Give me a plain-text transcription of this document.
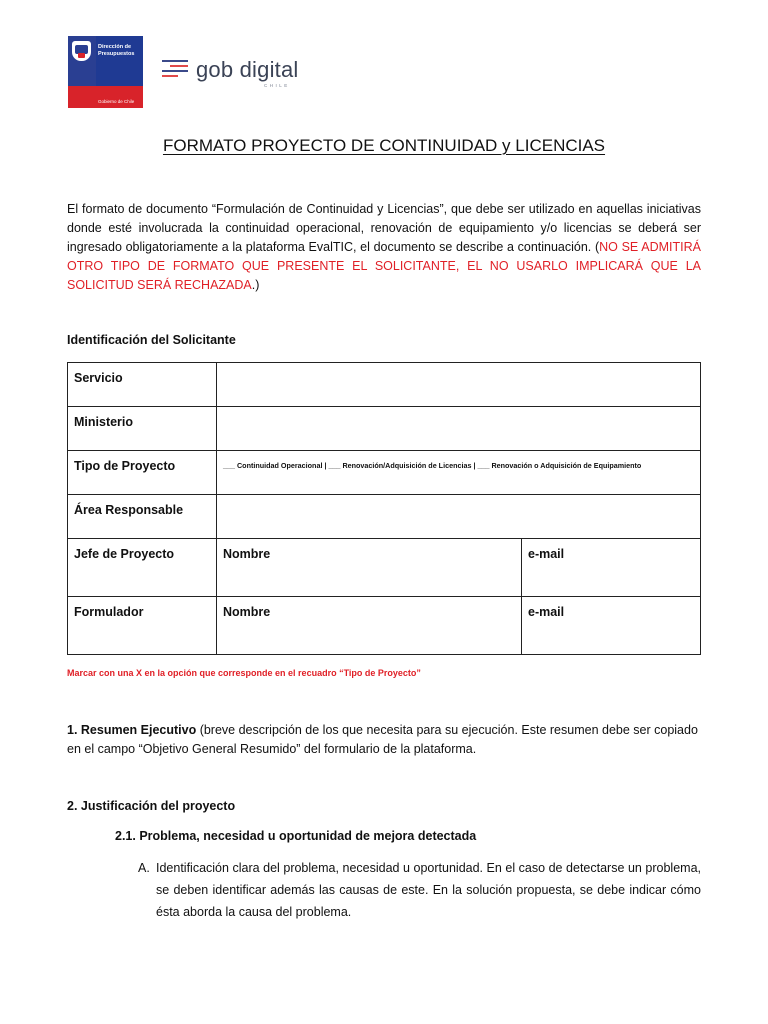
Dirección de Presupuestos
Gobierno de Chile
gob digital
CHILE
FORMATO PROYECTO DE CONTINUIDAD y LICENCIAS
El formato de documento “Formulación de Continuidad y Licencias”, que debe ser utilizado en aquellas iniciativas donde esté involucrada la continuidad operacional, renovación de equipamiento y/o licencias se deberá ser ingresado obligatoriamente a la plataforma EvalTIC, el documento se describe a continuación. (NO SE ADMITIRÁ OTRO TIPO DE FORMATO QUE PRESENTE EL SOLICITANTE, EL NO USARLO IMPLICARÁ QUE LA SOLICITUD SERÁ RECHAZADA.)
Identificación del Solicitante
Servicio		
Ministerio		
Tipo de Proyecto	___ Continuidad Operacional | ___ Renovación/Adquisición de Licencias | ___ Renovación o Adquisición de Equipamiento	

Área Responsable		
Jefe de Proyecto	Nombre	e-mail
Formulador	Nombre	e-mail
Marcar con una X en la opción que corresponde en el recuadro “Tipo de Proyecto”
1. Resumen Ejecutivo (breve descripción de los que necesita para su ejecución. Este resumen debe ser copiado en el campo “Objetivo General Resumido” del formulario de la plataforma.
2. Justificación del proyecto
2.1. Problema, necesidad u oportunidad de mejora detectada
A. Identificación clara del problema, necesidad u oportunidad. En el caso de detectarse un problema, se deben identificar además las causas de este. En la solución propuesta, se debe indicar cómo ésta aborda la causa del problema.
